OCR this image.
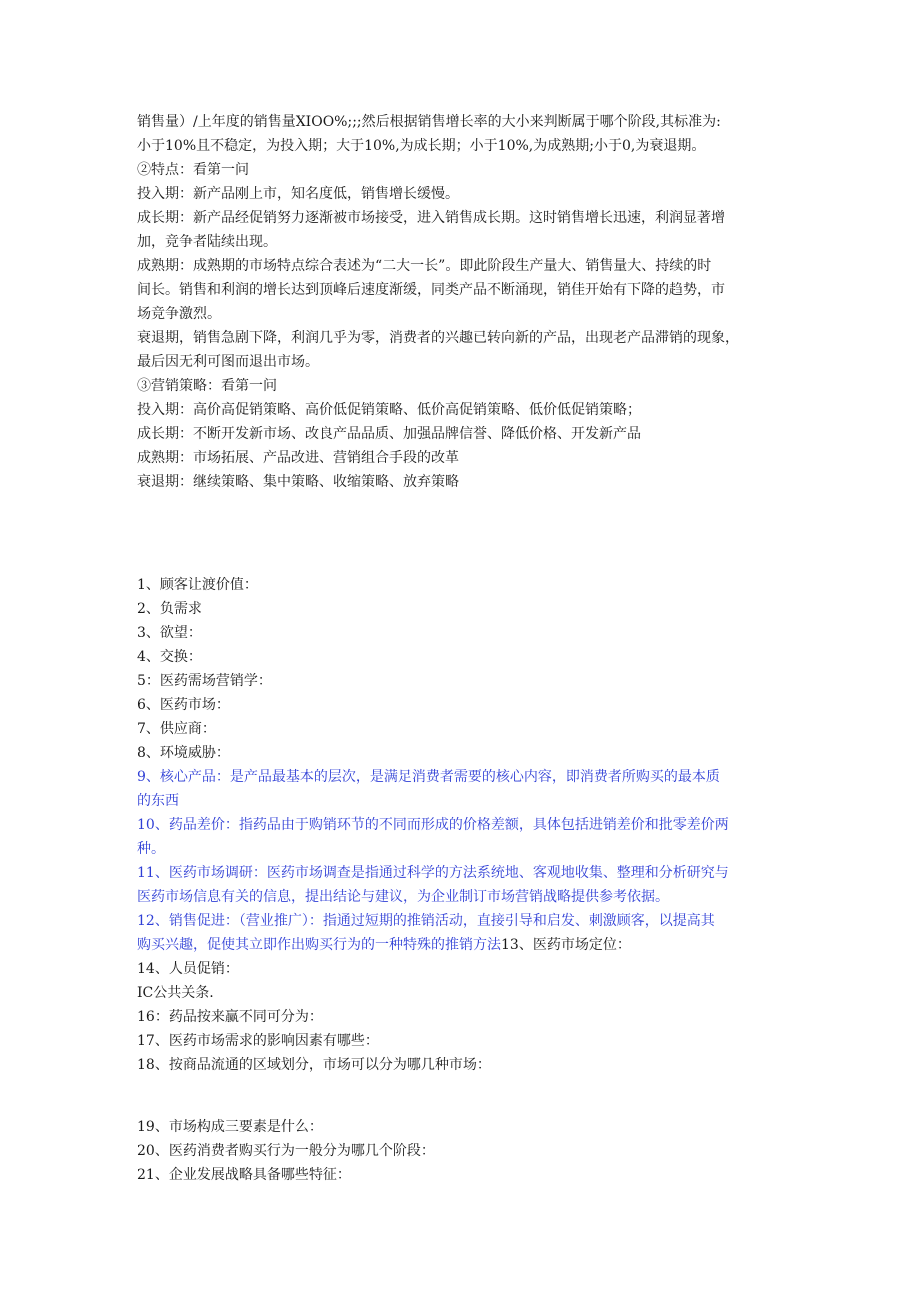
销售量）/上年度的销售量XIOO%;;;然后根据销售增长率的大小来判断属于哪个阶段,其标准为:
小于10%且不稳定，为投入期；大于10%,为成长期；小于10%,为成熟期;小于0,为衰退期。
②特点：看第一问
投入期：新产品刚上市，知名度低，销售增长缓慢。
成长期：新产品经促销努力逐渐被市场接受，进入销售成长期。这时销售增长迅速，利润显著增
加，竞争者陆续出现。
成熟期：成熟期的市场特点综合表述为“二大一长”。即此阶段生产量大、销售量大、持续的时
间长。销售和利润的增长达到顶峰后速度渐缓，同类产品不断涌现，销佳开始有下降的趋势，市
场竞争激烈。
衰退期，销售急剧下降，利润几乎为零，消费者的兴趣已转向新的产品，出现老产品滞销的现象，
最后因无利可图而退出市场。
③营销策略：看第一问
投入期：高价高促销策略、高价低促销策略、低价高促销策略、低价低促销策略；
成长期：不断开发新市场、改良产品品质、加强品牌信誉、降低价格、开发新产品
成熟期：市场拓展、产品改进、营销组合手段的改革
衰退期：继续策略、集中策略、收缩策略、放弃策略
1、顾客让渡价值：
2、负需求
3、欲望：
4、交换：
5：医药需场营销学：
6、医药市场：
7、供应商：
8、环境威胁：
9、核心产品：是产品最基本的层次，是满足消费者需要的核心内容，即消费者所购买的最本质
的东西
10、药品差价：指药品由于购销环节的不同而形成的价格差额，具体包括进销差价和批零差价两
种。
11、医药市场调研：医药市场调查是指通过科学的方法系统地、客观地收集、整理和分析研究与
医药市场信息有关的信息，提出结论与建议，为企业制订市场营销战略提供参考依据。
12、销售促进：（营业推广）：指通过短期的推销活动，直接引导和启发、刺激顾客，以提高其
购买兴趣，促使其立即作出购买行为的一种特殊的推销方法13、医药市场定位：
14、人员促销：
IC公共关条.
16：药品按来赢不同可分为：
17、医药市场需求的影响因素有哪些：
18、按商品流通的区域划分，市场可以分为哪几种市场：
19、市场构成三要素是什么：
20、医药消费者购买行为一般分为哪几个阶段：
21、企业发展战略具备哪些特征：
